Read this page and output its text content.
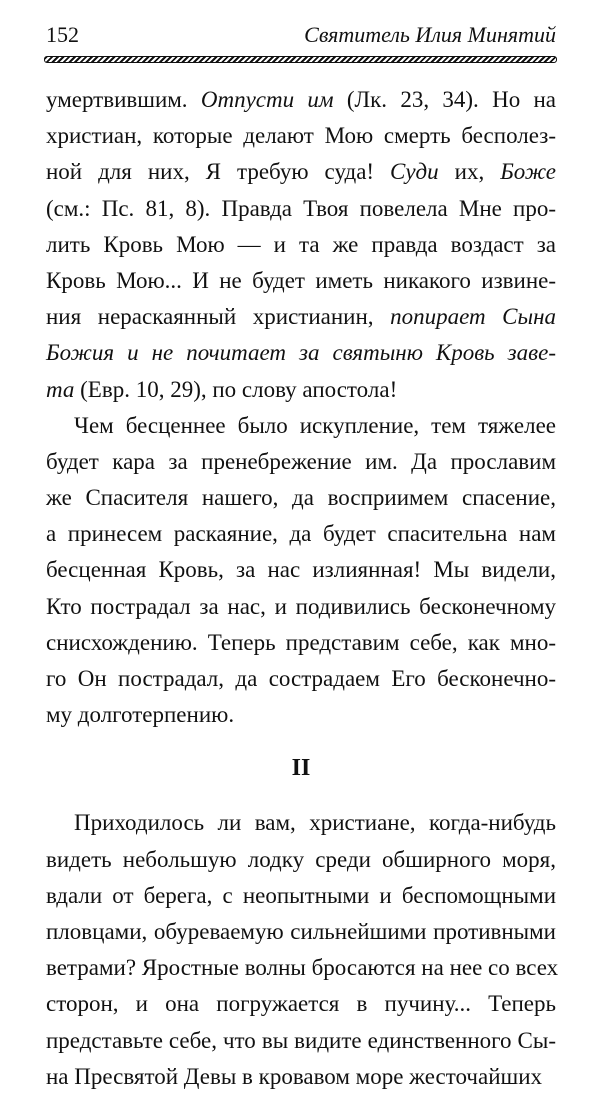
152	Святитель Илия Минятий
умертвившим. Отпусти им (Лк. 23, 34). Но на
христиан, которые делают Мою смерть бесполез-
ной для них, Я требую суда! Суди их, Боже
(см.: Пс. 81, 8). Правда Твоя повелела Мне про-
лить Кровь Мою — и та же правда воздаст за
Кровь Мою... И не будет иметь никакого извине-
ния нераскаянный христианин, попирает Сына
Божия и не почитает за святыню Кровь заве-
та (Евр. 10, 29), по слову апостола!
Чем бесценнее было искупление, тем тяжелее
будет кара за пренебрежение им. Да прославим
же Спасителя нашего, да восприимем спасение,
а принесем раскаяние, да будет спасительна нам
бесценная Кровь, за нас излиянная! Мы видели,
Кто пострадал за нас, и подивились бесконечному
снисхождению. Теперь представим себе, как мно-
го Он пострадал, да сострадаем Его бесконечно-
му долготерпению.
II
Приходилось ли вам, христиане, когда-нибудь
видеть небольшую лодку среди обширного моря,
вдали от берега, с неопытными и беспомощными
пловцами, обуреваемую сильнейшими противными
ветрами? Яростные волны бросаются на нее со всех
сторон, и она погружается в пучину... Теперь
представьте себе, что вы видите единственного Сы-
на Пресвятой Девы в кровавом море жесточайших
